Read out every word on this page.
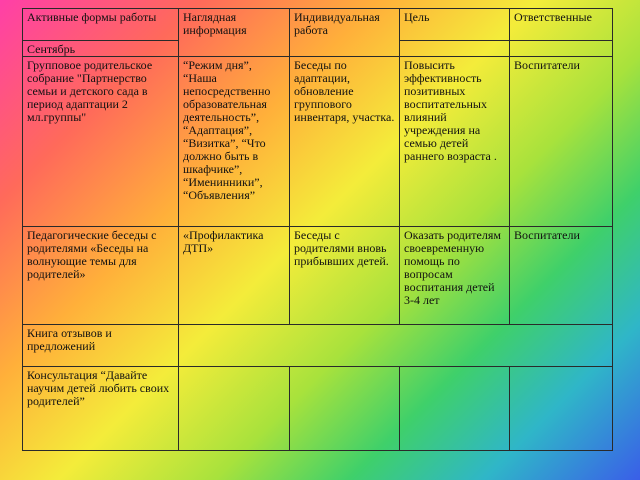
Активные формы работы	Наглядная информация	Индивидуальная работа	Цель	Ответственные
Сентябрь				
Групповое родительское собрание "Партнерство семьи и детского сада в период адаптации 2 мл.группы"	“Режим дня”, “Наша непосредственно образовательная деятельность”, “Адаптация”, “Визитка”, “Что должно быть в шкафчике”, “Именинники”, “Объявления”	Беседы по адаптации, обновление группового инвентаря, участка.	Повысить эффективность позитивных воспитательных влияний учреждения на семью детей раннего возраста .	Воспитатели
Педагогические беседы с родителями «Беседы на волнующие темы для родителей»	«Профилактика ДТП»	Беседы с родителями вновь прибывших детей.	Оказать родителям своевременную помощь по вопросам воспитания детей 3-4 лет	Воспитатели
Книга отзывов и предложений				
Консультация “Давайте научим детей любить своих родителей”				
